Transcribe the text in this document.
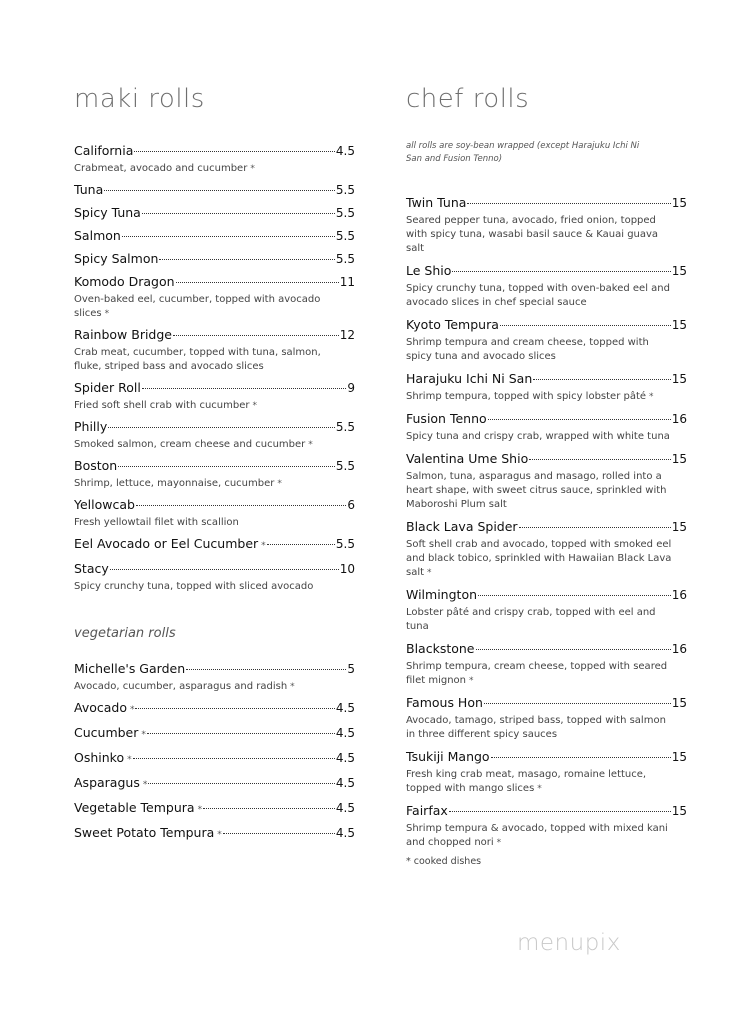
maki rolls
California	4.5
Crabmeat, avocado and cucumber *
Tuna	5.5
Spicy Tuna	5.5
Salmon	5.5
Spicy Salmon	5.5
Komodo Dragon	11
Oven-baked eel, cucumber, topped with avocado slices *
Rainbow Bridge	12
Crab meat, cucumber, topped with tuna, salmon, fluke, striped bass and avocado slices
Spider Roll	9
Fried soft shell crab with cucumber *
Philly	5.5
Smoked salmon, cream cheese and cucumber *
Boston	5.5
Shrimp, lettuce, mayonnaise, cucumber *
Yellowcab	6
Fresh yellowtail filet with scallion
Eel Avocado or Eel Cucumber *	5.5
Stacy	10
Spicy crunchy tuna, topped with sliced avocado
vegetarian rolls
Michelle's Garden	5
Avocado, cucumber, asparagus and radish *
Avocado *	4.5
Cucumber *	4.5
Oshinko *	4.5
Asparagus *	4.5
Vegetable Tempura *	4.5
Sweet Potato Tempura *	4.5
chef rolls

all rolls are soy-bean wrapped (except Harajuku Ichi Ni San and Fusion Tenno)

Twin Tuna	15
Seared pepper tuna, avocado, fried onion, topped with spicy tuna, wasabi basil sauce & Kauai guava salt
Le Shio	15
Spicy crunchy tuna, topped with oven-baked eel and avocado slices in chef special sauce
Kyoto Tempura	15
Shrimp tempura and cream cheese, topped with spicy tuna and avocado slices
Harajuku Ichi Ni San	15
Shrimp tempura, topped with spicy lobster pâté *
Fusion Tenno	16
Spicy tuna and crispy crab, wrapped with white tuna
Valentina Ume Shio	15
Salmon, tuna, asparagus and masago, rolled into a heart shape, with sweet citrus sauce, sprinkled with Maboroshi Plum salt
Black Lava Spider	15
Soft shell crab and avocado, topped with smoked eel and black tobico, sprinkled with Hawaiian Black Lava salt *
Wilmington	16
Lobster pâté and crispy crab, topped with eel and tuna
Blackstone	16
Shrimp tempura, cream cheese, topped with seared filet mignon *
Famous Hon	15
Avocado, tamago, striped bass, topped with salmon in three different spicy sauces
Tsukiji Mango	15
Fresh king crab meat, masago, romaine lettuce, topped with mango slices *
Fairfax	15
Shrimp tempura & avocado, topped with mixed kani and chopped nori *

* cooked dishes

menupix
